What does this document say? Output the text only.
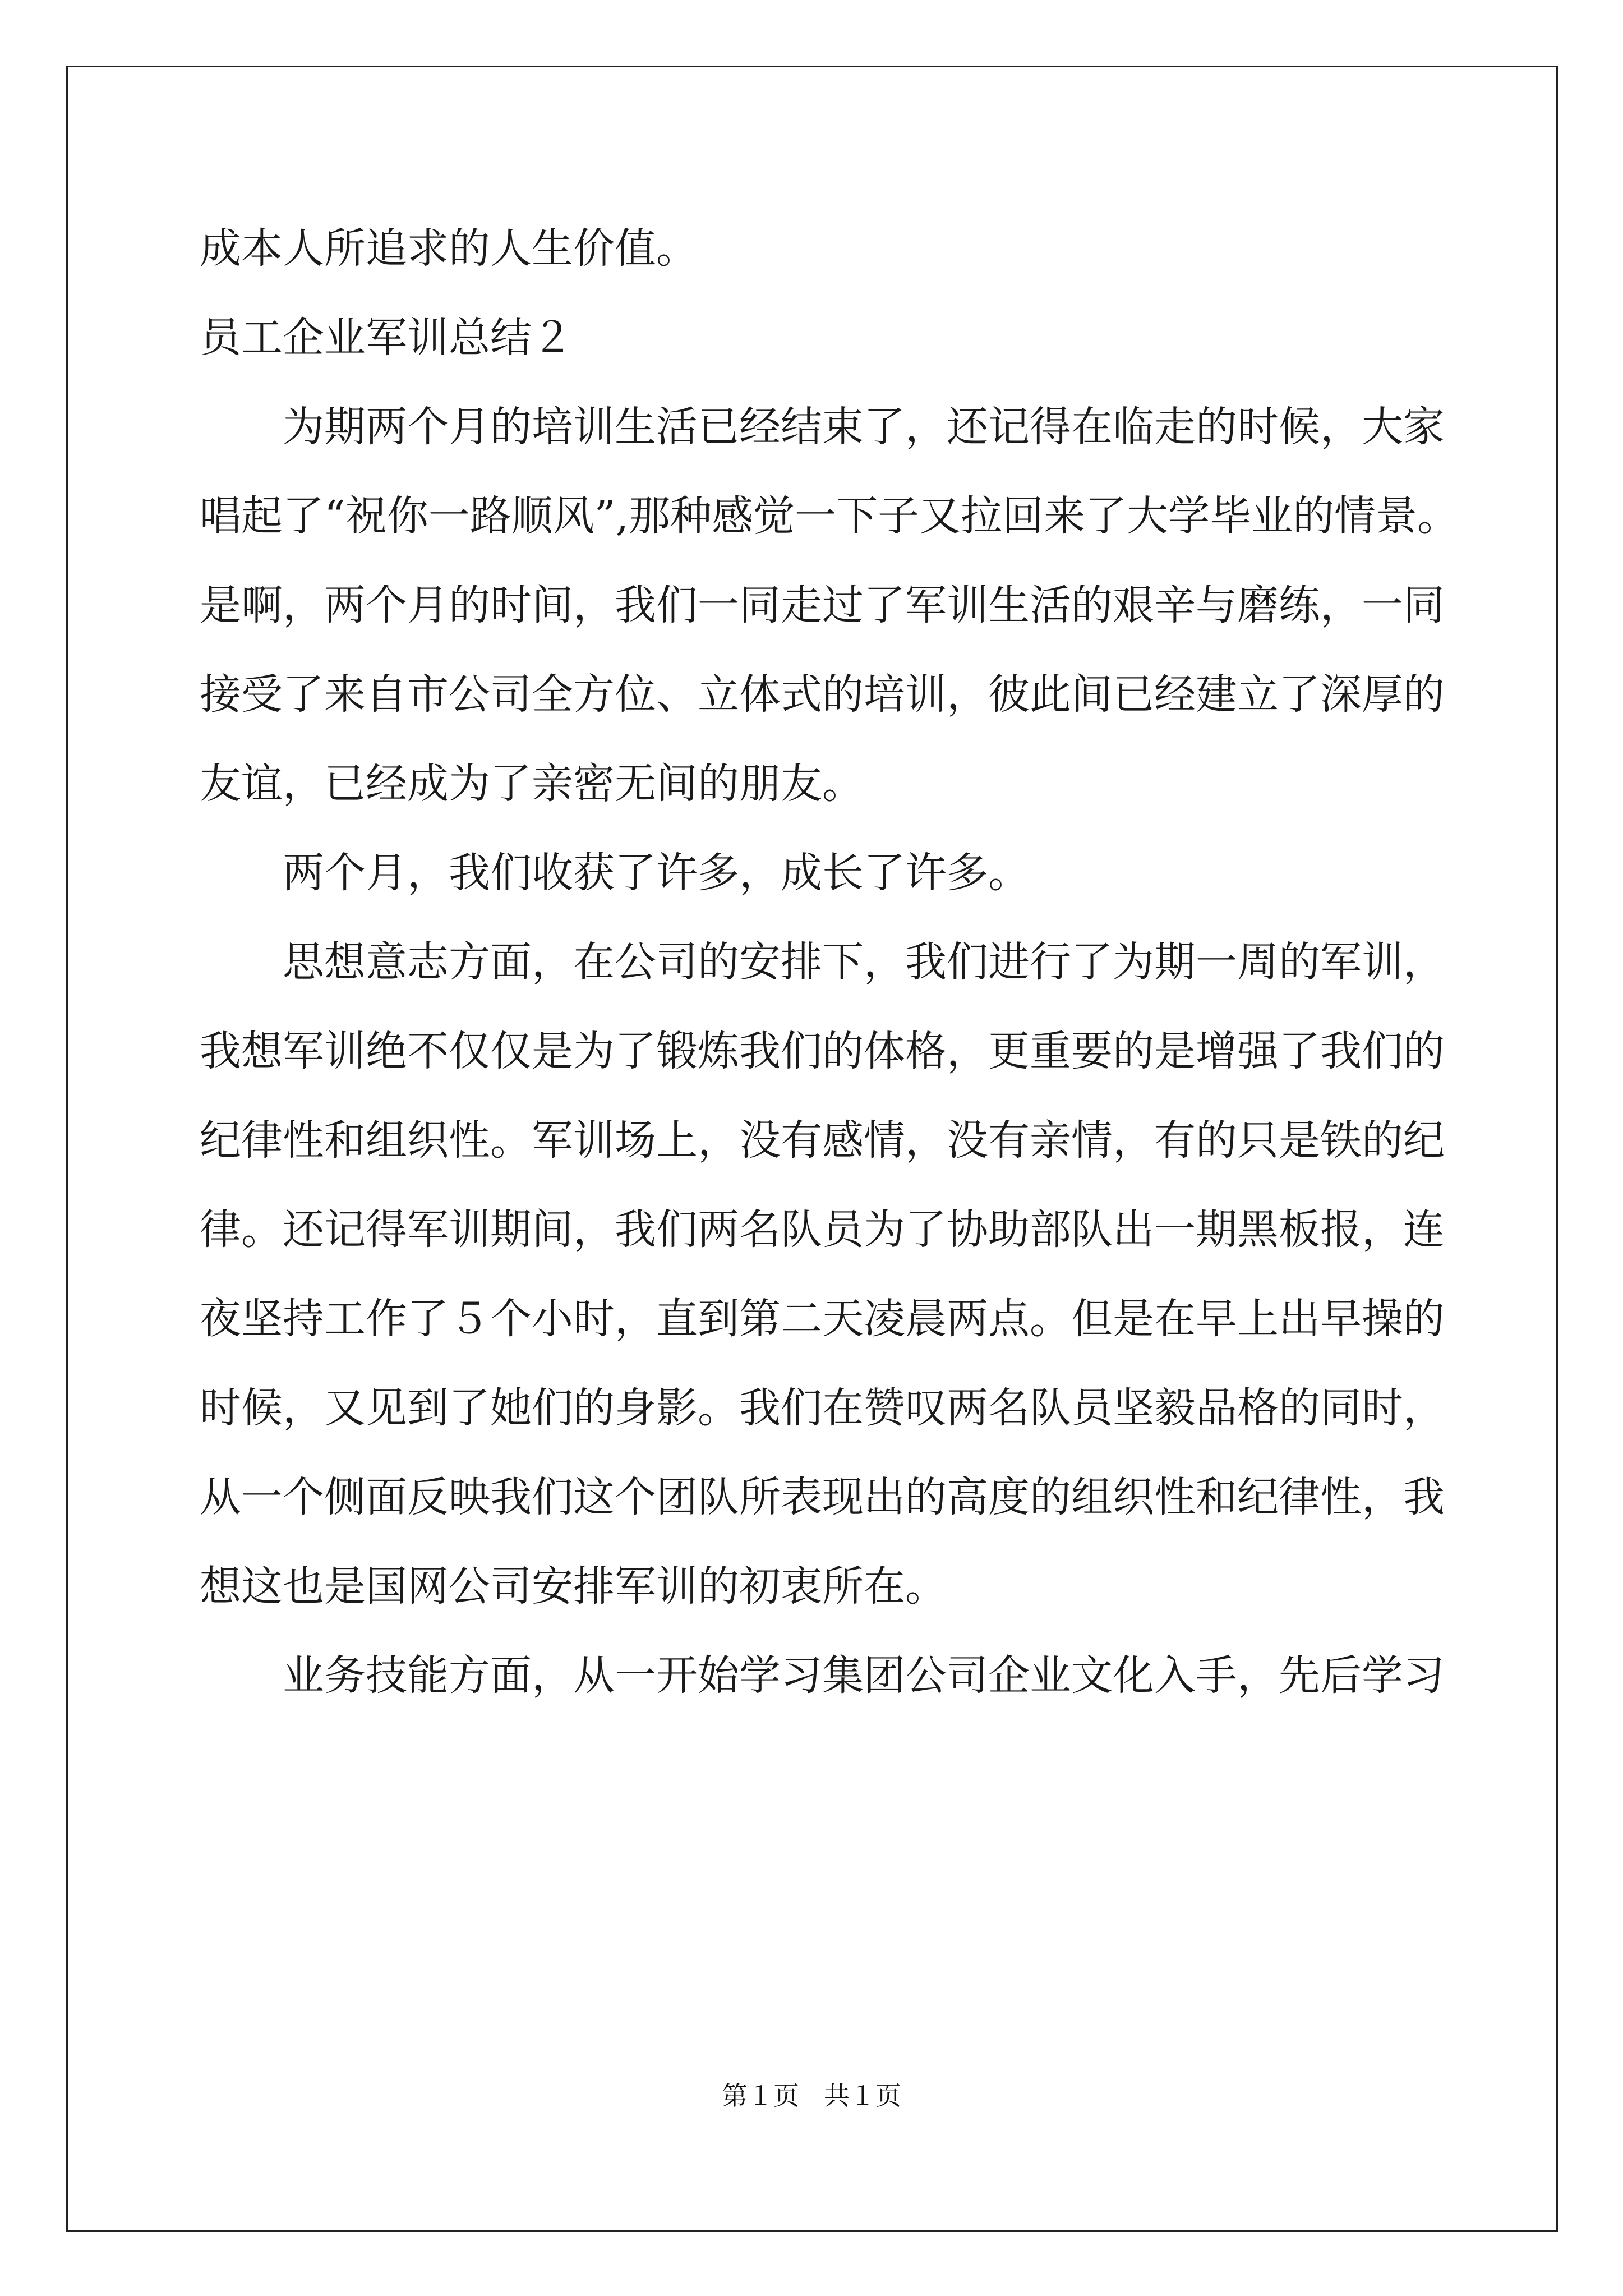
成本人所追求的人生价值。
员工企业军训总结２
为期两个月的培训生活已经结束了，还记得在临走的时候，大家
唱起了“祝你一路顺风”,那种感觉一下子又拉回来了大学毕业的情景。
是啊，两个月的时间，我们一同走过了军训生活的艰辛与磨练，一同
接受了来自市公司全方位、立体式的培训，彼此间已经建立了深厚的
友谊，已经成为了亲密无间的朋友。
两个月，我们收获了许多，成长了许多。
思想意志方面，在公司的安排下，我们进行了为期一周的军训，
我想军训绝不仅仅是为了锻炼我们的体格，更重要的是增强了我们的
纪律性和组织性。军训场上，没有感情，没有亲情，有的只是铁的纪
律。还记得军训期间，我们两名队员为了协助部队出一期黑板报，连
夜坚持工作了５个小时，直到第二天凌晨两点。但是在早上出早操的
时候，又见到了她们的身影。我们在赞叹两名队员坚毅品格的同时，
从一个侧面反映我们这个团队所表现出的高度的组织性和纪律性，我
想这也是国网公司安排军训的初衷所在。
业务技能方面，从一开始学习集团公司企业文化入手，先后学习
第１页 共１页
